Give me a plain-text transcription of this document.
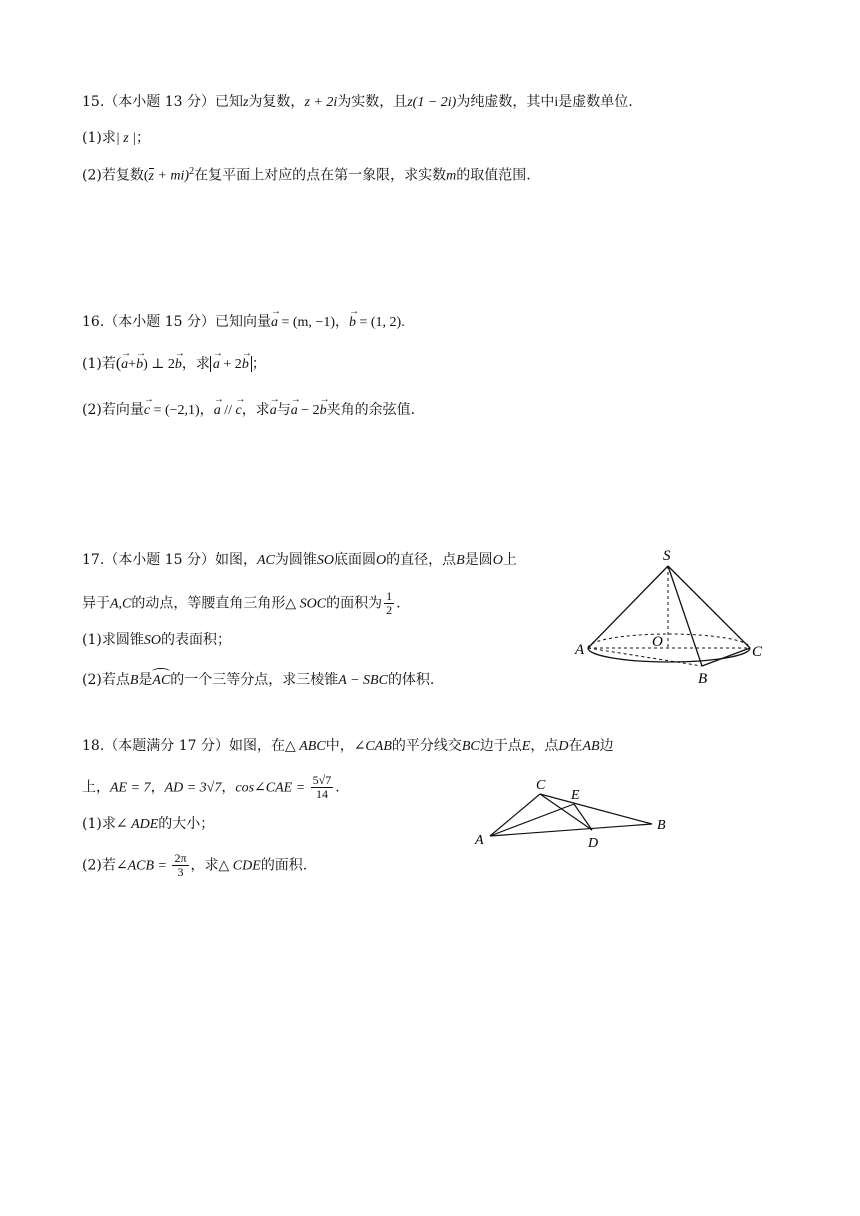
15.（本小题 13 分）已知z为复数，z + 2i为实数，且z(1 − 2i)为纯虚数，其中i是虚数单位.
(1)求| z |；
(2)若复数(z + mi)$^2$在复平面上对应的点在第一象限，求实数m的取值范围.
16.（本小题 15 分）已知向量→ a = (m, −1)，→ b = (1, 2).
(1)若(→ a+→ b) ⊥ 2→ b，求→ a + 2→ b ；
(2)若向量→ c = (−2,1)，→ a // → c，求→ a与→ a − 2→ b夹角的余弦值.
17.（本小题 15 分）如图，AC为圆锥SO底面圆O的直径，点B是圆O上
异于A,C的动点，等腰直角三角形△ SOC的面积为 $\frac{1}{2}$ .
(1)求圆锥SO的表面积；
(2)若点B是AC的一个三等分点，求三棱锥A − SBC的体积.
S
O
A	C
B
18.（本题满分 17 分）如图，在△ ABC中，∠CAB的平分线交BC边于点E，点D在AB边
上，AE = 7，AD = 3√7，cos∠CAE = $\frac{5√7}{14}$ .
(1)求∠ ADE的大小；
(2)若∠ACB = $\frac{2\pi}{3}$ ，求△ CDE的面积.
C
E
A	D
B
